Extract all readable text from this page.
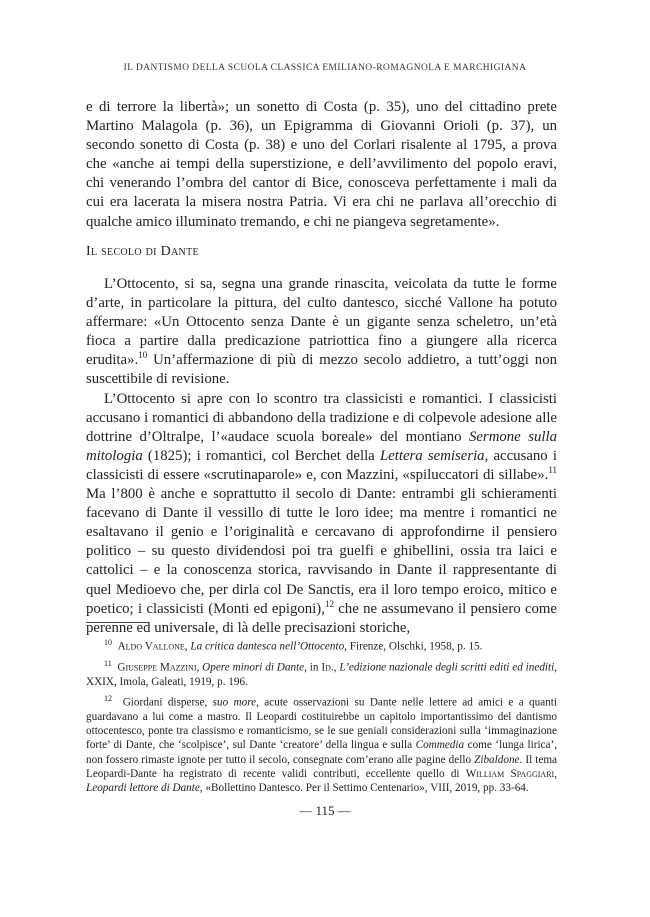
IL DANTISMO DELLA SCUOLA CLASSICA EMILIANO-ROMAGNOLA E MARCHIGIANA

e di terrore la libertà»; un sonetto di Costa (p. 35), uno del cittadino prete Martino Malagola (p. 36), un Epigramma di Giovanni Orioli (p. 37), un secondo sonetto di Costa (p. 38) e uno del Corlari risalente al 1795, a prova che «anche ai tempi della superstizione, e dell’avvilimento del popolo eravi, chi venerando l’ombra del cantor di Bice, conoscevа perfettamente i mali da cui era lacerata la misera nostra Patria. Vi era chi ne parlava all’orecchio di qualche amico illuminato tremando, e chi ne piangeva segretamente».

Il secolo di Dante

L’Ottocento, si sa, segna una grande rinascita, veicolata da tutte le forme d’arte, in particolare la pittura, del culto dantesco, sicché Vallone ha potuto affermare: «Un Ottocento senza Dante è un gigante senza scheletro, un’età fioca a partire dalla predicazione patriottica fino a giungere alla ricerca erudita».$^{10}$ Un’affermazione di più di mezzo secolo addietro, a tutt’oggi non suscettibile di revisione.

L’Ottocento si apre con lo scontro tra classicisti e romantici. I classicisti accusano i romantici di abbandono della tradizione e di colpevole adesione alle dottrine d’Oltralpe, l’«audace scuola boreale» del montiano Sermone sulla mitologia (1825); i romantici, col Berchet della Lettera semiseria, accusano i classicisti di essere «scrutinaparole» e, con Mazzini, «spiluccatori di sillabe».$^{11}$ Ma l’800 è anche e soprattutto il secolo di Dante: entrambi gli schieramenti facevano di Dante il vessillo di tutte le loro idee; ma mentre i romantici ne esaltavano il genio e l’originalità e cercavano di approfondirne il pensiero politico – su questo dividendosi poi tra guelfi e ghibellini, ossia tra laici e cattolici – e la conoscenza storica, ravvisando in Dante il rappresentante di quel Medioevo che, per dirla col De Sanctis, era il loro tempo eroico, mitico e poetico; i classicisti (Monti ed epigoni),$^{12}$ che ne assumevano il pensiero come perenne ed universale, di là delle precisazioni storiche,

$^{10}$ Aldo Vallone, La critica dantesca nell’Ottocento, Firenze, Olschki, 1958, p. 15.

$^{11}$ Giuseppe Mazzini, Opere minori di Dante, in Id., L’edizione nazionale degli scritti editi ed inediti, XXIX, Imola, Galeati, 1919, p. 196.

$^{12}$ Giordani disperse, suo more, acute osservazioni su Dante nelle lettere ad amici e a quanti guardavano a lui come a mastro. Il Leopardi costituirebbe un capitolo importantissimo del dantismo ottocentesco, ponte tra classismo e romanticismo, se le sue geniali considerazioni sulla ‘immaginazione forte’ di Dante, che ‘scolpisce’, sul Dante ‘creatore’ della lingua e sulla Commedia come ‘lunga lirica’, non fossero rimaste ignote per tutto il secolo, consegnate com’erano alle pagine dello Zibaldone. Il tema Leopardi-Dante ha registrato di recente validi contributi, eccellente quello di William Spaggiari, Leopardi lettore di Dante, «Bollettino Dantesco. Per il Settimo Centenario», VIII, 2019, pp. 33-64.

— 115 —
